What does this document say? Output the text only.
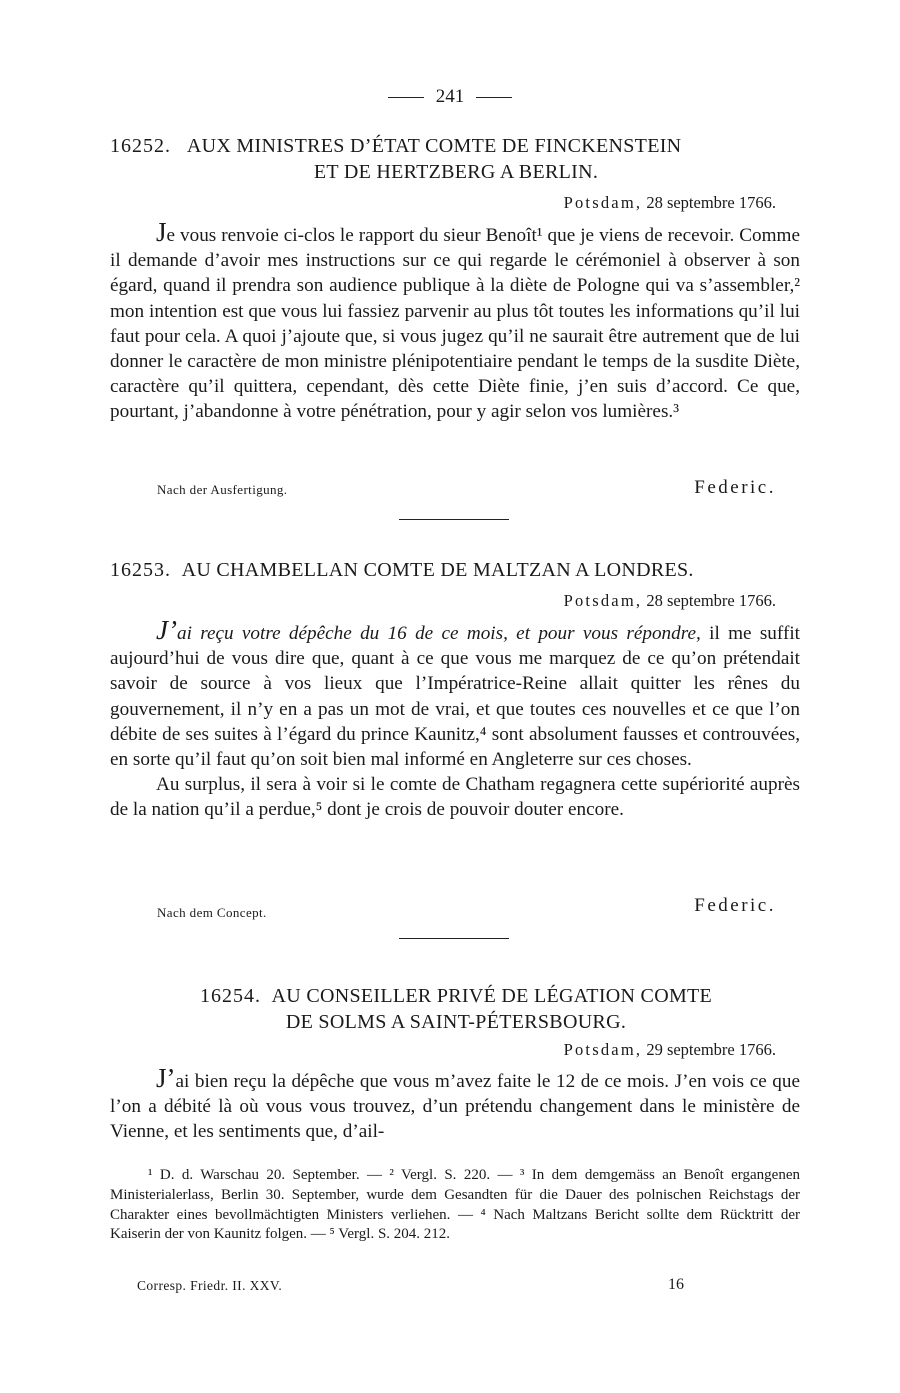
241
16252. AUX MINISTRES D’ÉTAT COMTE DE FINCKENSTEIN
ET DE HERTZBERG A BERLIN.
Potsdam, 28 septembre 1766.

Je vous renvoie ci-clos le rapport du sieur Benoît¹ que je viens de recevoir. Comme il demande d’avoir mes instructions sur ce qui regarde le cérémoniel à observer à son égard, quand il prendra son audience publique à la diète de Pologne qui va s’assembler,² mon intention est que vous lui fassiez parvenir au plus tôt toutes les informations qu’il lui faut pour cela. A quoi j’ajoute que, si vous jugez qu’il ne saurait être autrement que de lui donner le caractère de mon ministre plénipotentiaire pendant le temps de la susdite Diète, caractère qu’il quittera, cependant, dès cette Diète finie, j’en suis d’accord. Ce que, pourtant, j’abandonne à votre pénétration, pour y agir selon vos lumières.³

Nach der Ausfertigung.	Federic.
16253. AU CHAMBELLAN COMTE DE MALTZAN A LONDRES.
Potsdam, 28 septembre 1766.

J’ai reçu votre dépêche du 16 de ce mois, et pour vous répondre, il me suffit aujourd’hui de vous dire que, quant à ce que vous me marquez de ce qu’on prétendait savoir de source à vos lieux que l’Impératrice-Reine allait quitter les rênes du gouvernement, il n’y en a pas un mot de vrai, et que toutes ces nouvelles et ce que l’on débite de ses suites à l’égard du prince Kaunitz,⁴ sont absolument fausses et controuvées, en sorte qu’il faut qu’on soit bien mal informé en Angleterre sur ces choses.

Au surplus, il sera à voir si le comte de Chatham regagnera cette supériorité auprès de la nation qu’il a perdue,⁵ dont je crois de pouvoir douter encore.

Nach dem Concept.	Federic.
16254. AU CONSEILLER PRIVÉ DE LÉGATION COMTE
DE SOLMS A SAINT-PÉTERSBOURG.
Potsdam, 29 septembre 1766.

J’ai bien reçu la dépêche que vous m’avez faite le 12 de ce mois. J’en vois ce que l’on a débité là où vous vous trouvez, d’un prétendu changement dans le ministère de Vienne, et les sentiments que, d’ail-

¹ D. d. Warschau 20. September. — ² Vergl. S. 220. — ³ In dem demgemäss an Benoît ergangenen Ministerialerlass, Berlin 30. September, wurde dem Gesandten für die Dauer des polnischen Reichstags der Charakter eines bevollmächtigten Ministers verliehen. — ⁴ Nach Maltzans Bericht sollte dem Rücktritt der Kaiserin der von Kaunitz folgen. — ⁵ Vergl. S. 204. 212.

Corresp. Friedr. II. XXV.	16
